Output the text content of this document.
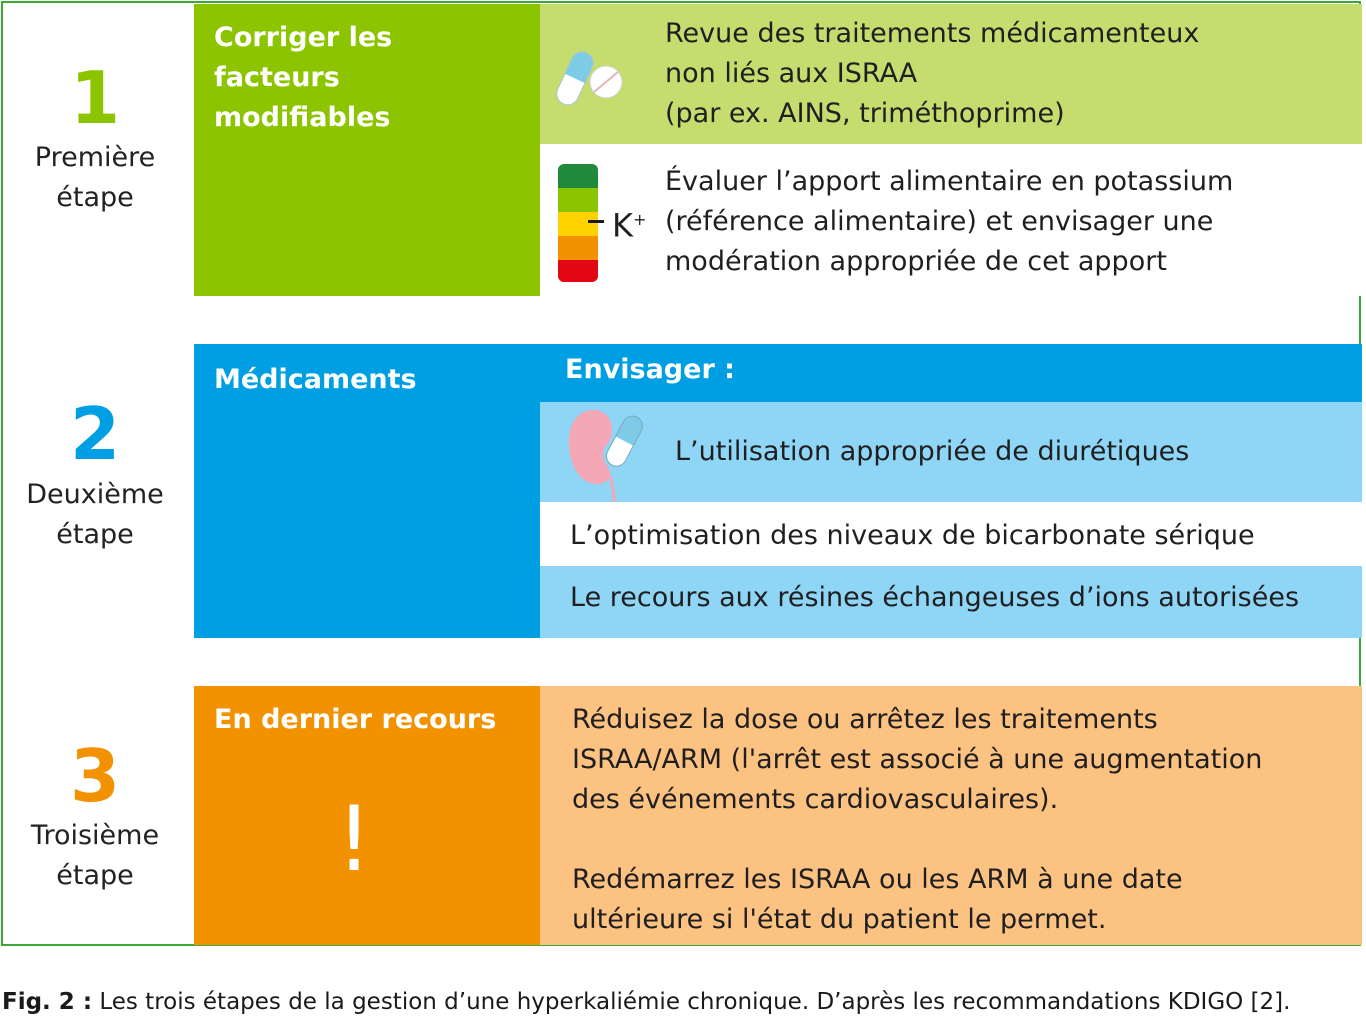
1
Première
étape
Corriger les facteurs modifiables
Revue des traitements médicamenteux
non liés aux ISRAA
(par ex. AINS, triméthoprime)
K+
Évaluer l’apport alimentaire en potassium
(référence alimentaire) et envisager une
modération appropriée de cet apport
2
Deuxième
étape
Médicaments	Envisager :
L’utilisation appropriée de diurétiques
L’optimisation des niveaux de bicarbonate sérique
Le recours aux résines échangeuses d’ions autorisées
3
Troisième
étape
En dernier recours
!
Réduisez la dose ou arrêtez les traitements
ISRAA/ARM (l'arrêt est associé à une augmentation
des événements cardiovasculaires).
Redémarrez les ISRAA ou les ARM à une date
ultérieure si l'état du patient le permet.
Fig. 2 : Les trois étapes de la gestion d’une hyperkaliémie chronique. D’après les recommandations KDIGO [2].
